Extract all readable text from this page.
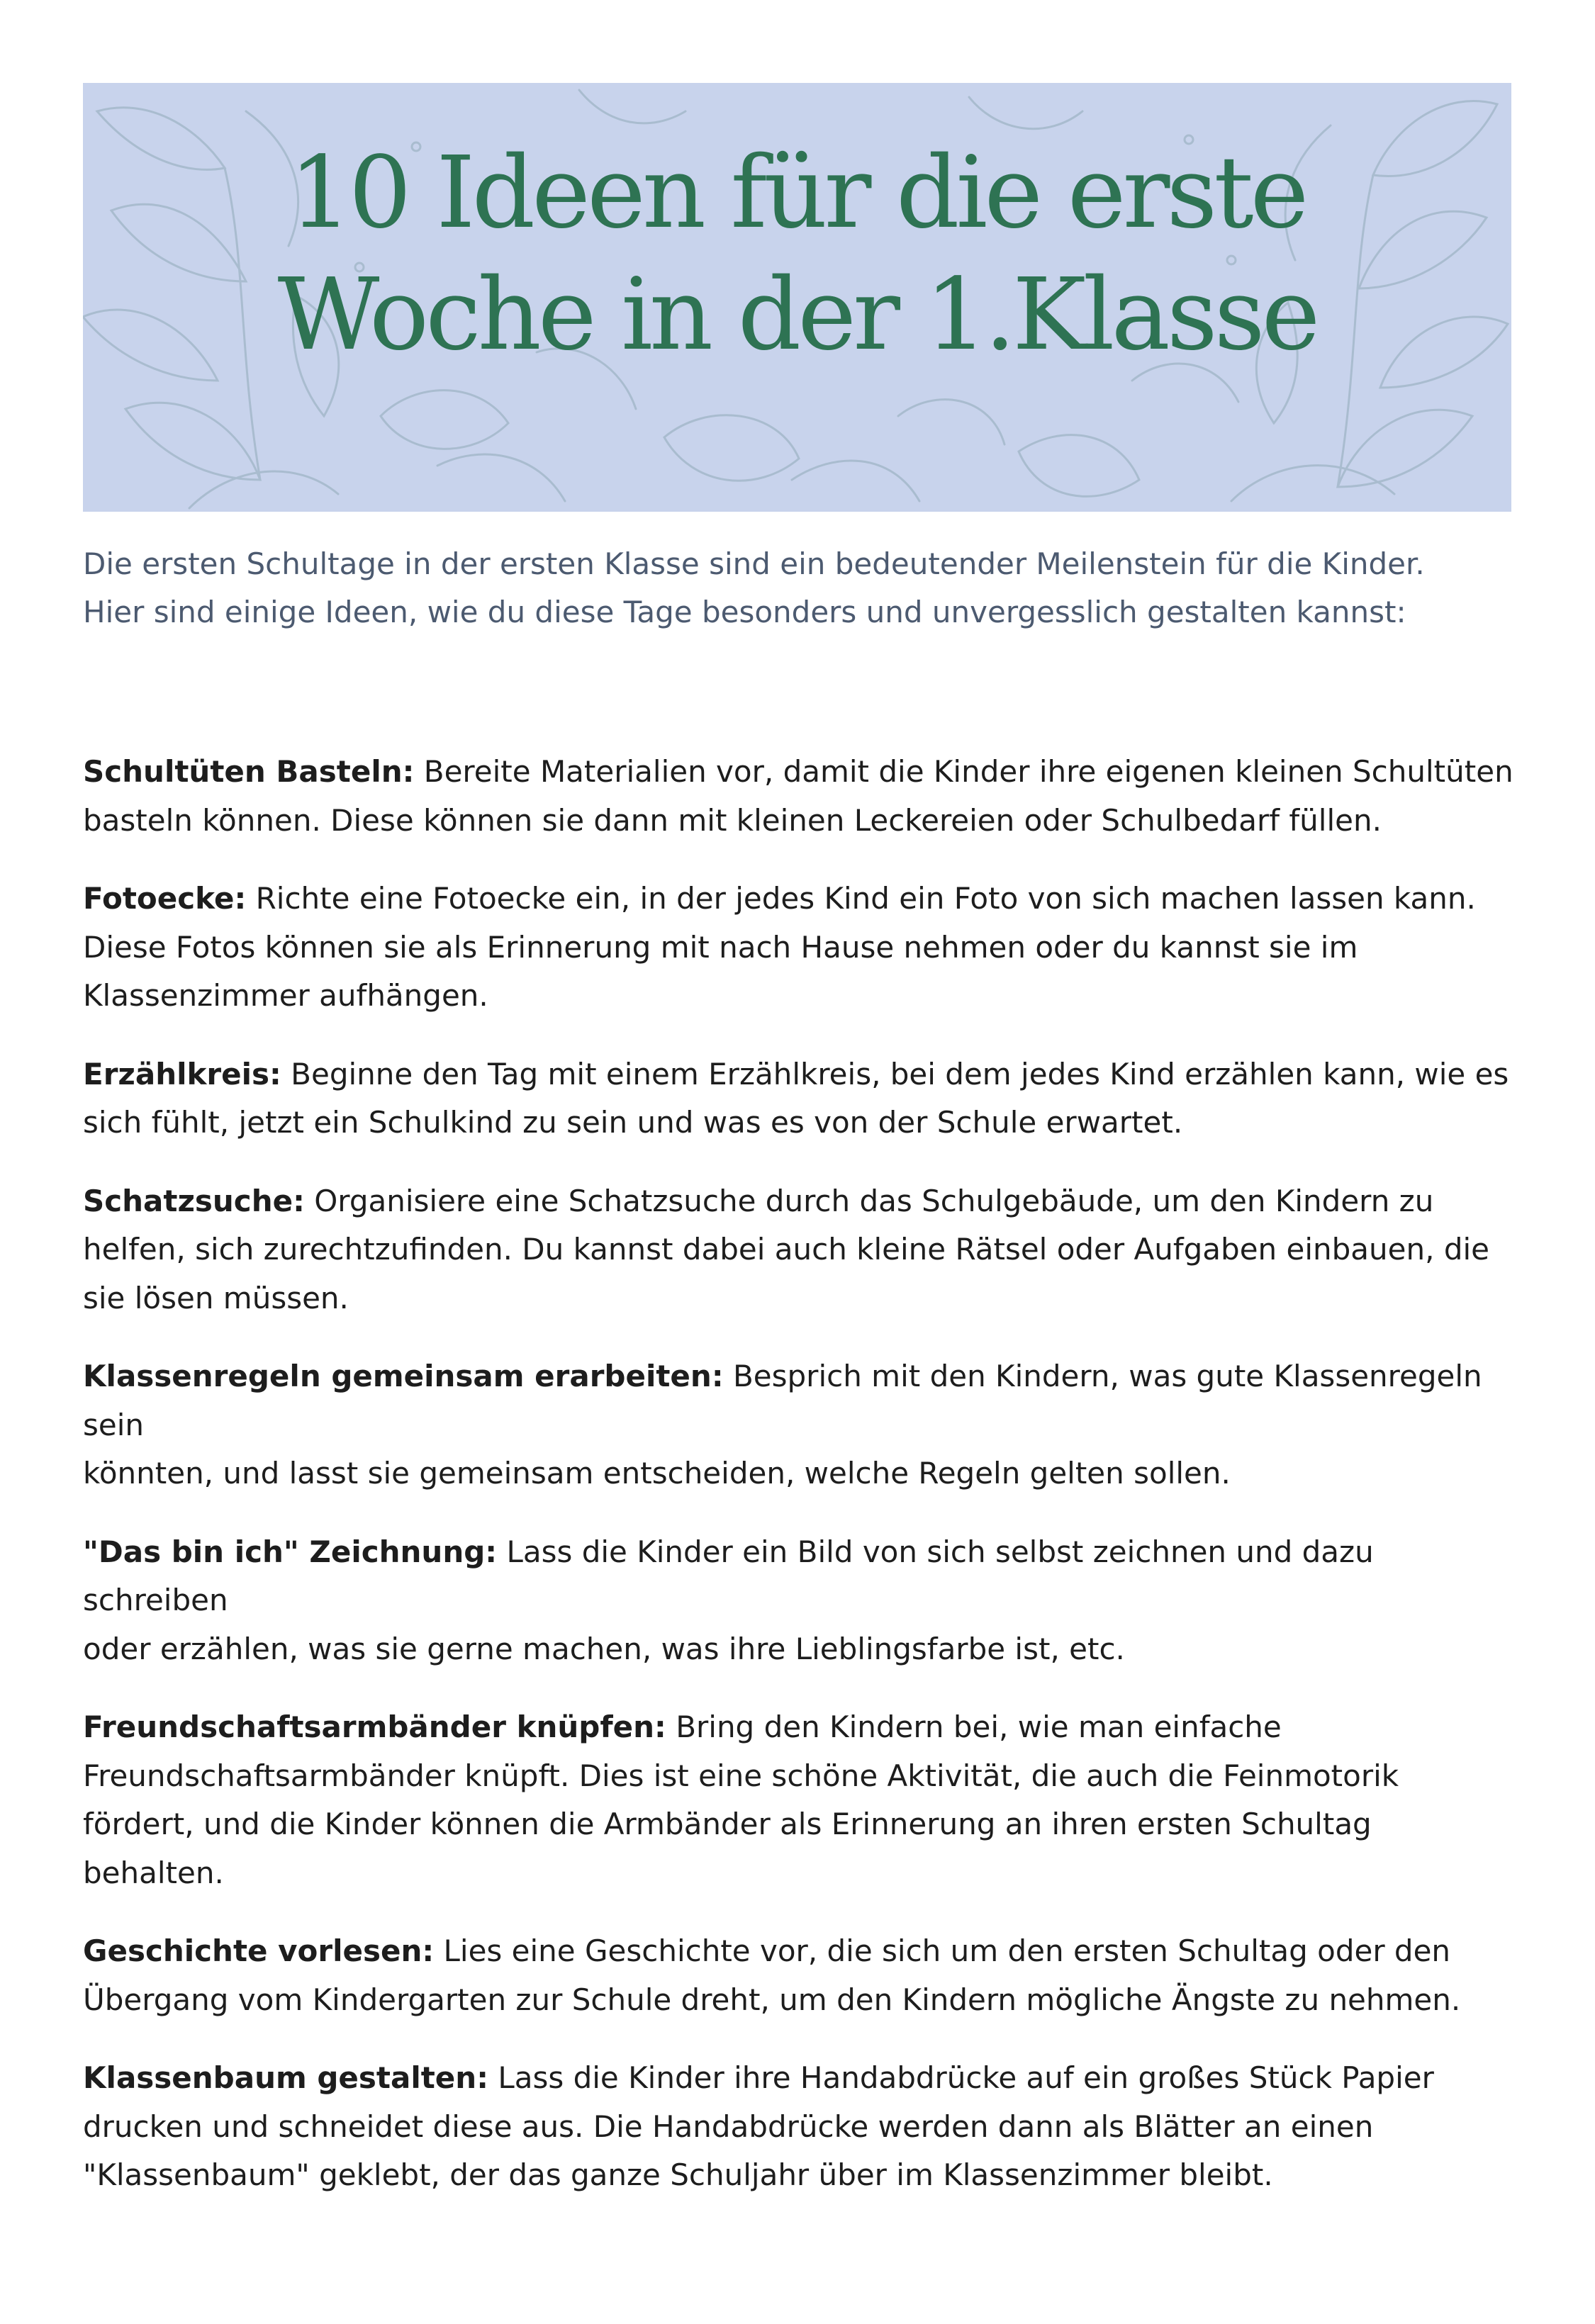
10 Ideen für die erste
Woche in der 1.Klasse

Die ersten Schultage in der ersten Klasse sind ein bedeutender Meilenstein für die Kinder.
Hier sind einige Ideen, wie du diese Tage besonders und unvergesslich gestalten kannst:

Schultüten Basteln: Bereite Materialien vor, damit die Kinder ihre eigenen kleinen Schultüten
basteln können. Diese können sie dann mit kleinen Leckereien oder Schulbedarf füllen.
Fotoecke: Richte eine Fotoecke ein, in der jedes Kind ein Foto von sich machen lassen kann.
Diese Fotos können sie als Erinnerung mit nach Hause nehmen oder du kannst sie im
Klassenzimmer aufhängen.
Erzählkreis: Beginne den Tag mit einem Erzählkreis, bei dem jedes Kind erzählen kann, wie es
sich fühlt, jetzt ein Schulkind zu sein und was es von der Schule erwartet.
Schatzsuche: Organisiere eine Schatzsuche durch das Schulgebäude, um den Kindern zu
helfen, sich zurechtzufinden. Du kannst dabei auch kleine Rätsel oder Aufgaben einbauen, die
sie lösen müssen.
Klassenregeln gemeinsam erarbeiten: Besprich mit den Kindern, was gute Klassenregeln sein
könnten, und lasst sie gemeinsam entscheiden, welche Regeln gelten sollen.
"Das bin ich" Zeichnung: Lass die Kinder ein Bild von sich selbst zeichnen und dazu schreiben
oder erzählen, was sie gerne machen, was ihre Lieblingsfarbe ist, etc.
Freundschaftsarmbänder knüpfen: Bring den Kindern bei, wie man einfache
Freundschaftsarmbänder knüpft. Dies ist eine schöne Aktivität, die auch die Feinmotorik
fördert, und die Kinder können die Armbänder als Erinnerung an ihren ersten Schultag
behalten.
Geschichte vorlesen: Lies eine Geschichte vor, die sich um den ersten Schultag oder den
Übergang vom Kindergarten zur Schule dreht, um den Kindern mögliche Ängste zu nehmen.
Klassenbaum gestalten: Lass die Kinder ihre Handabdrücke auf ein großes Stück Papier
drucken und schneidet diese aus. Die Handabdrücke werden dann als Blätter an einen
"Klassenbaum" geklebt, der das ganze Schuljahr über im Klassenzimmer bleibt.
